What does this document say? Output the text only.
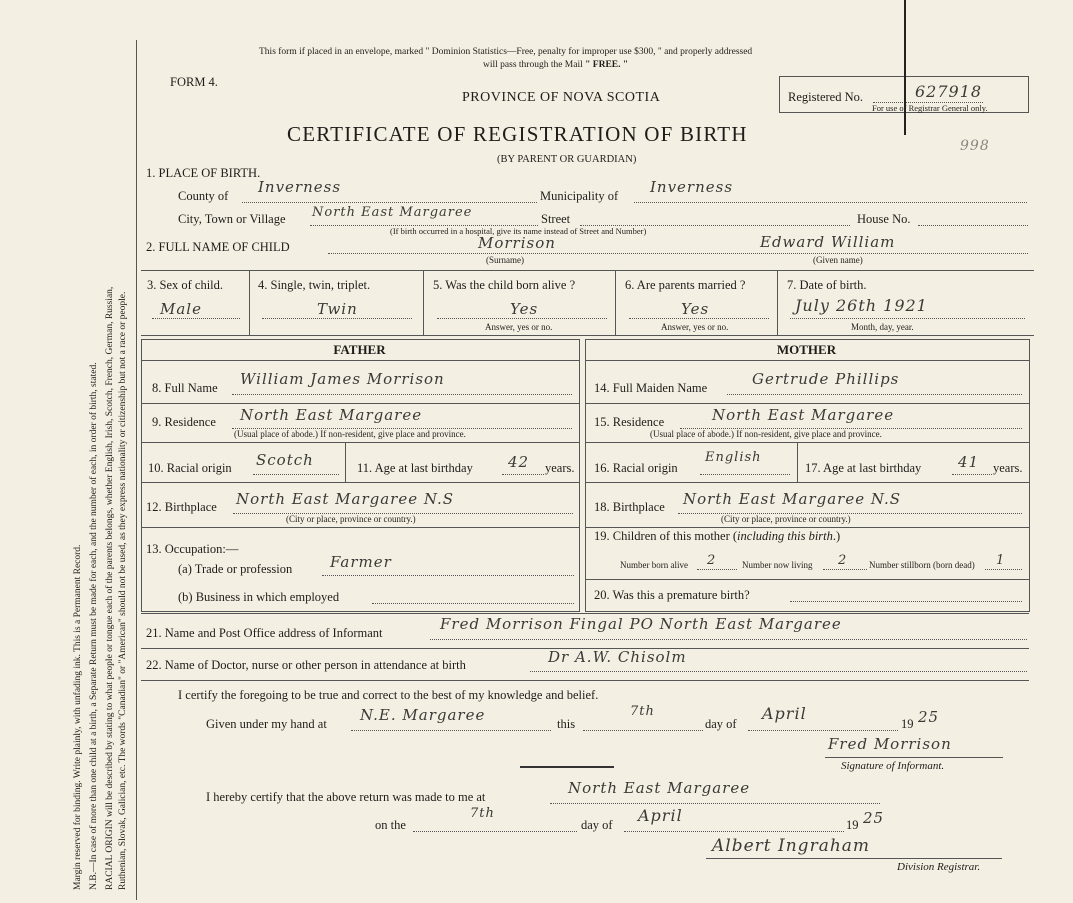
Margin reserved for binding. Write plainly, with unfading ink. This is a Permanent Record. N.B.—In case of more than one child at a birth, a Separate Return must be made for each, and the number of each, in order of birth, stated. RACIAL ORIGIN will be described by stating to what people or tongue each of the parents belongs, whether English, Irish, Scotch, French, German, Russian, Ruthenian, Slovak, Galician, etc. The words "Canadian" or "American" should not be used, as they express nationality or citizenship but not a race or people.
This form if placed in an envelope, marked " Dominion Statistics—Free, penalty for improper use $300, " and properly addressed
will pass through the Mail " FREE. "
FORM 4.
PROVINCE OF NOVA SCOTIA	Registered No.	627918
For use of Registrar General only.
998
CERTIFICATE OF REGISTRATION OF BIRTH
(BY PARENT OR GUARDIAN)
1. PLACE OF BIRTH.
County of Inverness	Municipality of Inverness
City, Town or Village North East Margaree	Street	House No.
(If birth occurred in a hospital, give its name instead of Street and Number)
2. FULL NAME OF CHILD	Morrison	Edward William
(Surname)	(Given name)
3. Sex of child.
Male
4. Single, twin, triplet.
Twin
5. Was the child born alive ?
Yes
Answer, yes or no.
6. Are parents married ?
Yes
Answer, yes or no.
7. Date of birth.
July 26th 1921
Month, day, year.
FATHER
8. Full Name William James Morrison
9. Residence North East Margaree
(Usual place of abode.) If non-resident, give place and province.
10. Racial origin Scotch	11. Age at last birthday 42 years.
12. Birthplace North East Margaree N.S
(City or place, province or country.)
13. Occupation:—
(a) Trade or profession	Farmer
(b) Business in which employed
MOTHER
14. Full Maiden Name	Gertrude Phillips
15. Residence	North East Margaree
(Usual place of abode.) If non-resident, give place and province.
16. Racial origin
English
17. Age at last birthday 41 years.
18. Birthplace North East Margaree N.S
(City or place, province or country.)
19. Children of this mother (including this birth.)
Number born alive 2	Number now living 2 Number stillborn (born dead) 1
20. Was this a premature birth?
21. Name and Post Office address of Informant	Fred Morrison Fingal PO North East Margaree
22. Name of Doctor, nurse or other person in attendance at birth	Dr A.W. Chisolm
I certify the foregoing to be true and correct to the best of my knowledge and belief.
Given under my hand at N.E. Margaree	this
7th
day of
April
19 25
Fred Morrison
Signature of Informant.
I hereby certify that the above return was made to me at	North East Margaree
on the
7th
day of April	19 25
Albert Ingraham
Division Registrar.
